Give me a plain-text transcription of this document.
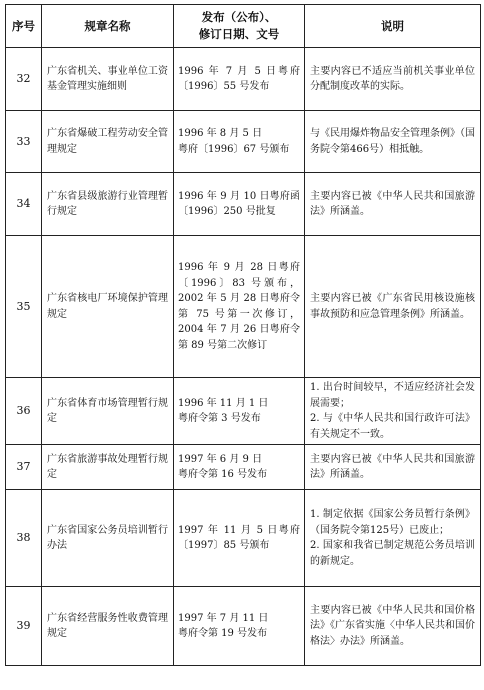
序号	规章名称	发布（公布）、
修订日期、文号	说明

32	广东省机关、事业单位工资基金管理实施细则	1996 年 7 月 5 日粤府〔1996〕55 号发布	主要内容已不适应当前机关事业单位分配制度改革的实际。

33	广东省爆破工程劳动安全管理规定	1996 年 8 月 5 日
粤府〔1996〕67 号颁布	与《民用爆炸物品安全管理条例》（国务院令第466号）相抵触。

34	广东省县级旅游行业管理暂行规定	1996 年 9 月 10 日粤府函〔1996〕250 号批复	主要内容已被《中华人民共和国旅游法》所涵盖。

35	广东省核电厂环境保护管理规定	1996 年 9 月 28 日粤府〔1996〕83 号颁布，2002 年 5 月 28 日粤府令第 75 号第一次修订，2004 年 7 月 26 日粤府令第 89 号第二次修订	主要内容已被《广东省民用核设施核事故预防和应急管理条例》所涵盖。

36	广东省体育市场管理暂行规定	1996 年 11 月 1 日
粤府令第 3 号发布	1. 出台时间较早，不适应经济社会发展需要；
2. 与《中华人民共和国行政许可法》有关规定不一致。

37	广东省旅游事故处理暂行规定	1997 年 6 月 9 日
粤府令第 16 号发布	主要内容已被《中华人民共和国旅游法》所涵盖。

38	广东省国家公务员培训暂行办法	1997 年 11 月 5 日粤府〔1997〕85 号颁布	1. 制定依据《国家公务员暂行条例》（国务院令第125号）已废止；
2. 国家和我省已制定规范公务员培训的新规定。

39	广东省经营服务性收费管理规定	1997 年 7 月 11 日
粤府令第 19 号发布	主要内容已被《中华人民共和国价格法》《广东省实施〈中华人民共和国价格法〉办法》所涵盖。
